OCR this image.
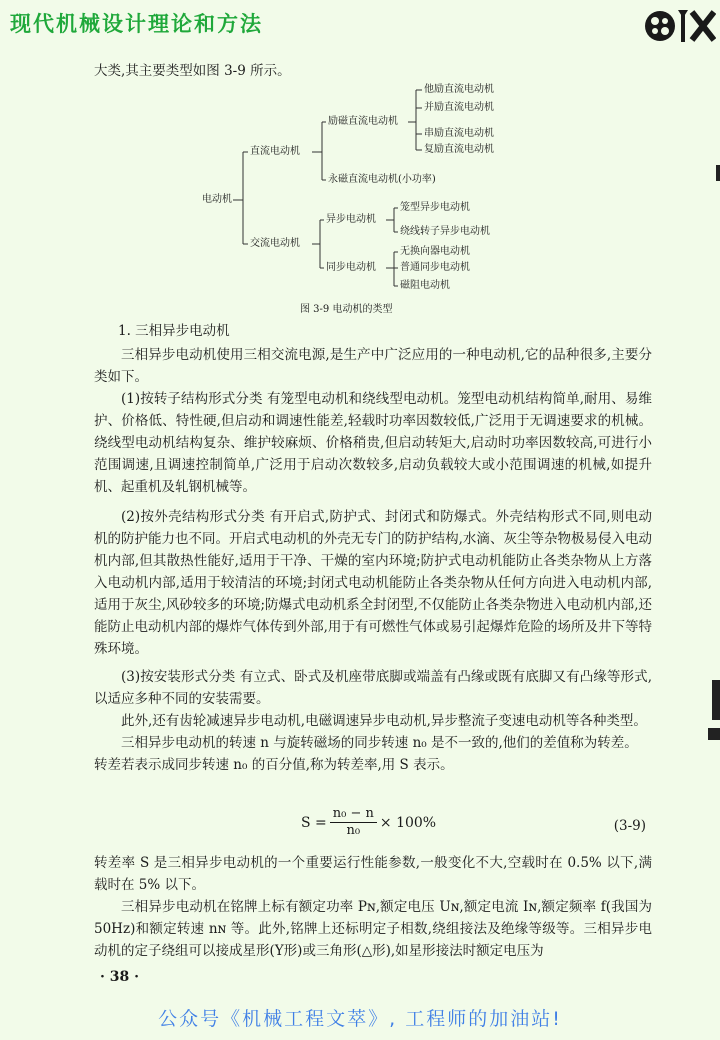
现代机械设计理论和方法
大类,其主要类型如图 3-9 所示。
电动机
直流电动机
交流电动机
励磁直流电动机
永磁直流电动机(小功率)
他励直流电动机
并励直流电动机
串励直流电动机
复励直流电动机
异步电动机
同步电动机
笼型异步电动机
绕线转子异步电动机
无换向器电动机
普通同步电动机
磁阻电动机
图 3-9 电动机的类型
1. 三相异步电动机
三相异步电动机使用三相交流电源,是生产中广泛应用的一种电动机,它的品种很多,主要分类如下。
(1)按转子结构形式分类 有笼型电动机和绕线型电动机。笼型电动机结构简单,耐用、易维护、价格低、特性硬,但启动和调速性能差,轻载时功率因数较低,广泛用于无调速要求的机械。绕线型电动机结构复杂、维护较麻烦、价格稍贵,但启动转矩大,启动时功率因数较高,可进行小范围调速,且调速控制简单,广泛用于启动次数较多,启动负载较大或小范围调速的机械,如提升机、起重机及轧钢机械等。
(2)按外壳结构形式分类 有开启式,防护式、封闭式和防爆式。外壳结构形式不同,则电动机的防护能力也不同。开启式电动机的外壳无专门的防护结构,水滴、灰尘等杂物极易侵入电动机内部,但其散热性能好,适用于干净、干燥的室内环境;防护式电动机能防止各类杂物从上方落入电动机内部,适用于较清洁的环境;封闭式电动机能防止各类杂物从任何方向进入电动机内部,适用于灰尘,风砂较多的环境;防爆式电动机系全封闭型,不仅能防止各类杂物进入电动机内部,还能防止电动机内部的爆炸气体传到外部,用于有可燃性气体或易引起爆炸危险的场所及井下等特殊环境。
(3)按安装形式分类 有立式、卧式及机座带底脚或端盖有凸缘或既有底脚又有凸缘等形式,以适应多种不同的安装需要。
此外,还有齿轮减速异步电动机,电磁调速异步电动机,异步整流子变速电动机等各种类型。
三相异步电动机的转速 n 与旋转磁场的同步转速 n₀ 是不一致的,他们的差值称为转差。
转差若表示成同步转速 n₀ 的百分值,称为转差率,用 S 表示。
$S = \frac{\text{n₀ − n}}{\text{n₀}} \times 100\%$	(3-9)
转差率 S 是三相异步电动机的一个重要运行性能参数,一般变化不大,空载时在 0.5% 以下,满载时在 5% 以下。
三相异步电动机在铭牌上标有额定功率 Pɴ,额定电压 Uɴ,额定电流 Iɴ,额定频率 f(我国为 50Hz)和额定转速 nɴ 等。此外,铭牌上还标明定子相数,绕组接法及绝缘等级等。三相异步电动机的定子绕组可以接成星形(Y形)或三角形(△形),如星形接法时额定电压为
· 38 ·
公众号《机械工程文萃》, 工程师的加油站!
